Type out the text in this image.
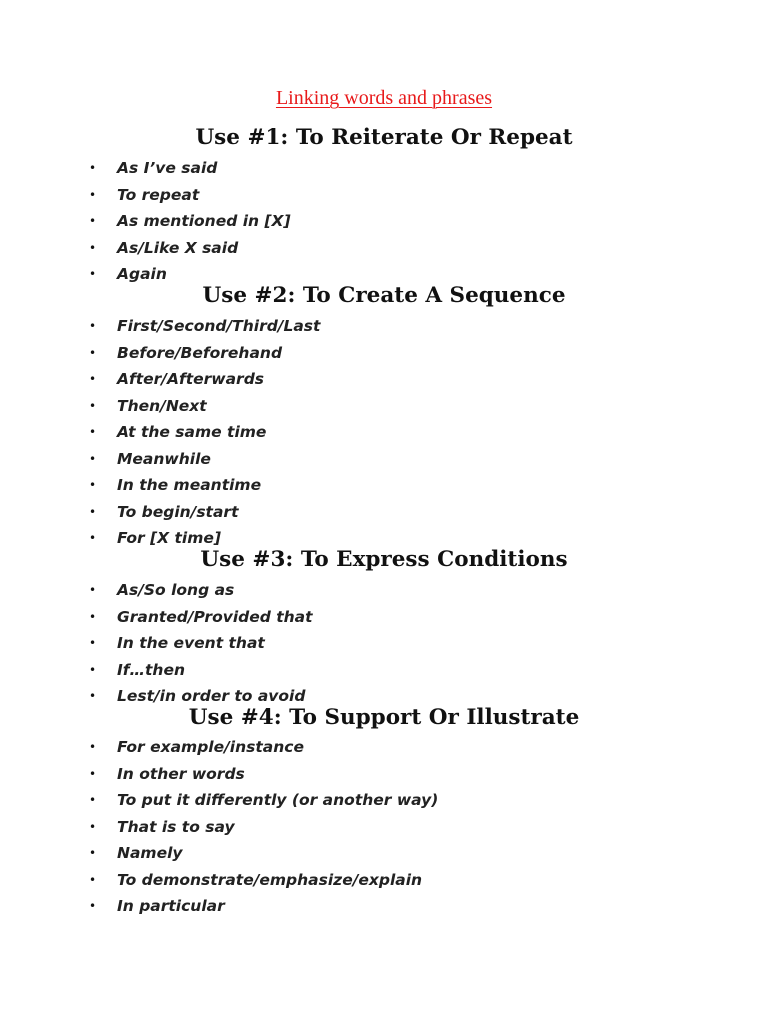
Linking words and phrases
Use #1: To Reiterate Or Repeat
• As I’ve said
• To repeat
• As mentioned in [X]
• As/Like X said
• Again
Use #2: To Create A Sequence
• First/Second/Third/Last
• Before/Beforehand
• After/Afterwards
• Then/Next
• At the same time
• Meanwhile
• In the meantime
• To begin/start
• For [X time]
Use #3: To Express Conditions
• As/So long as
• Granted/Provided that
• In the event that
• If…then
• Lest/in order to avoid
Use #4: To Support Or Illustrate
• For example/instance
• In other words
• To put it differently (or another way)
• That is to say
• Namely
• To demonstrate/emphasize/explain
• In particular
